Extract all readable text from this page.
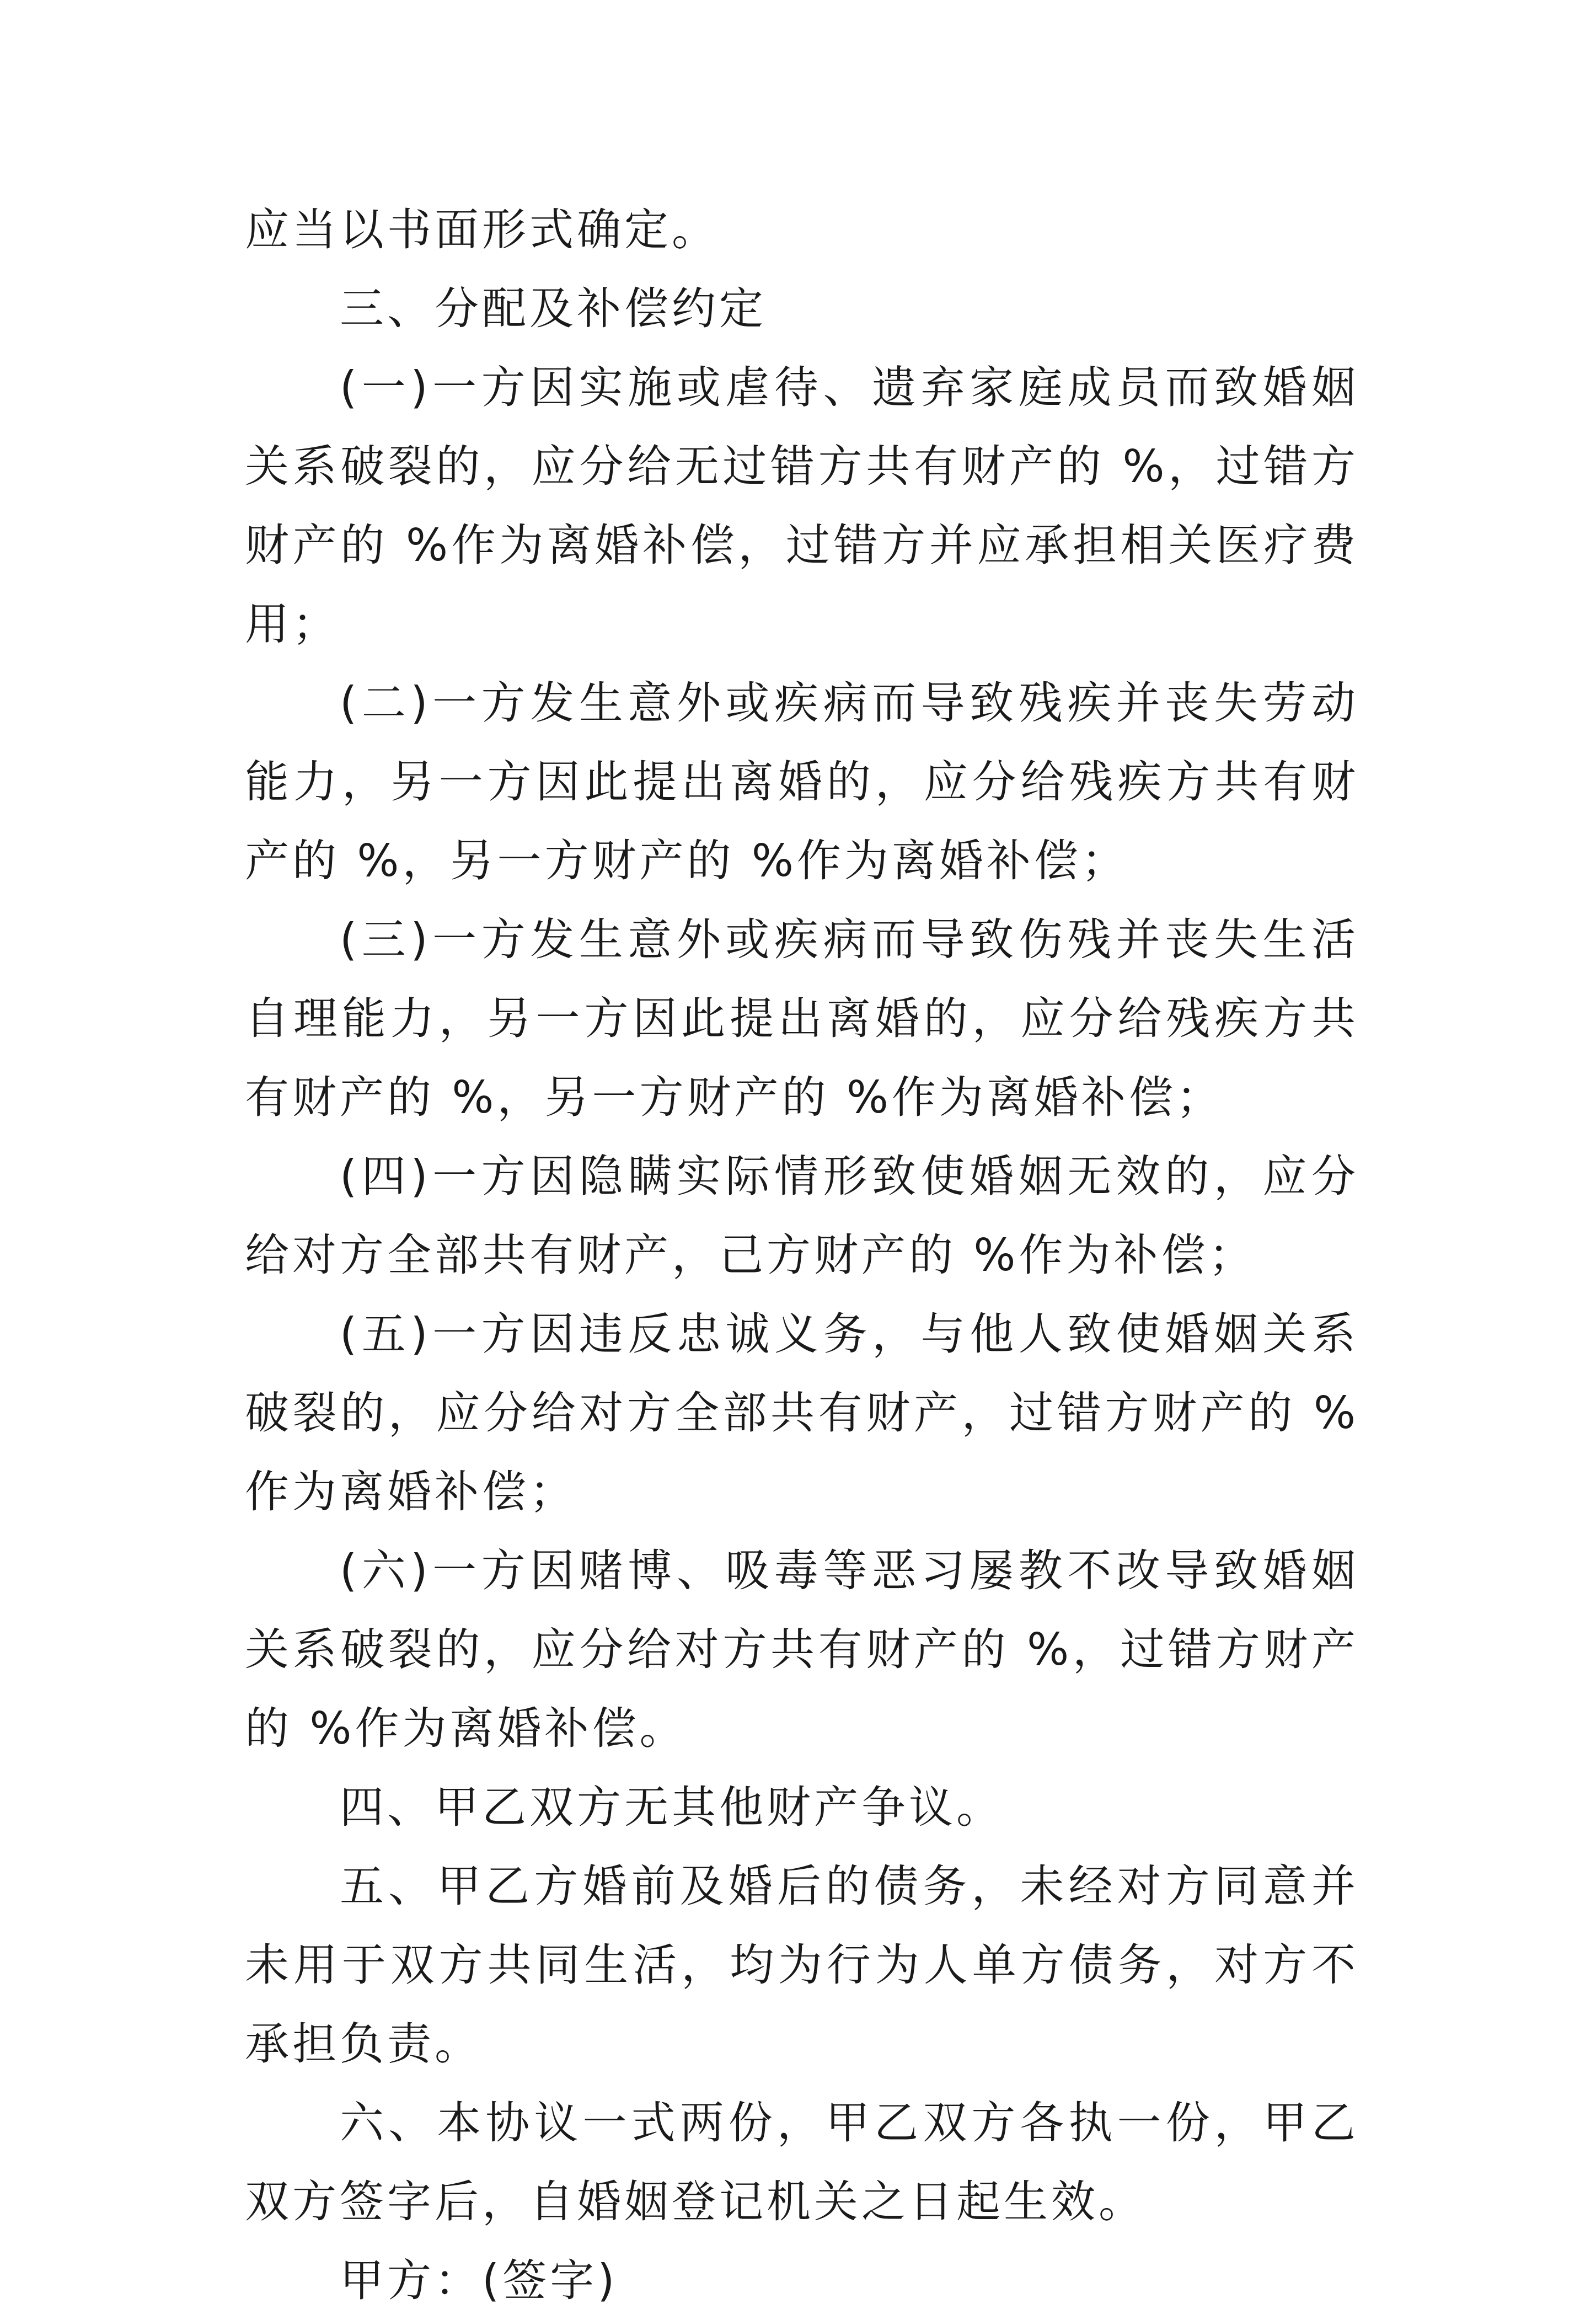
应当以书面形式确定。

三、分配及补偿约定

(一)一方因实施或虐待、遗弃家庭成员而致婚姻关系破裂的，应分给无过错方共有财产的 %，过错方财产的 %作为离婚补偿，过错方并应承担相关医疗费用；

(二)一方发生意外或疾病而导致残疾并丧失劳动能力，另一方因此提出离婚的，应分给残疾方共有财产的 %，另一方财产的 %作为离婚补偿；

(三)一方发生意外或疾病而导致伤残并丧失生活自理能力，另一方因此提出离婚的，应分给残疾方共有财产的 %，另一方财产的 %作为离婚补偿；

(四)一方因隐瞒实际情形致使婚姻无效的，应分给对方全部共有财产，己方财产的 %作为补偿；

(五)一方因违反忠诚义务，与他人致使婚姻关系破裂的，应分给对方全部共有财产，过错方财产的 %作为离婚补偿；

(六)一方因赌博、吸毒等恶习屡教不改导致婚姻关系破裂的，应分给对方共有财产的 %，过错方财产的 %作为离婚补偿。

四、甲乙双方无其他财产争议。

五、甲乙方婚前及婚后的债务，未经对方同意并未用于双方共同生活，均为行为人单方债务，对方不承担负责。

六、本协议一式两份，甲乙双方各执一份，甲乙双方签字后，自婚姻登记机关之日起生效。

甲方：(签字)
